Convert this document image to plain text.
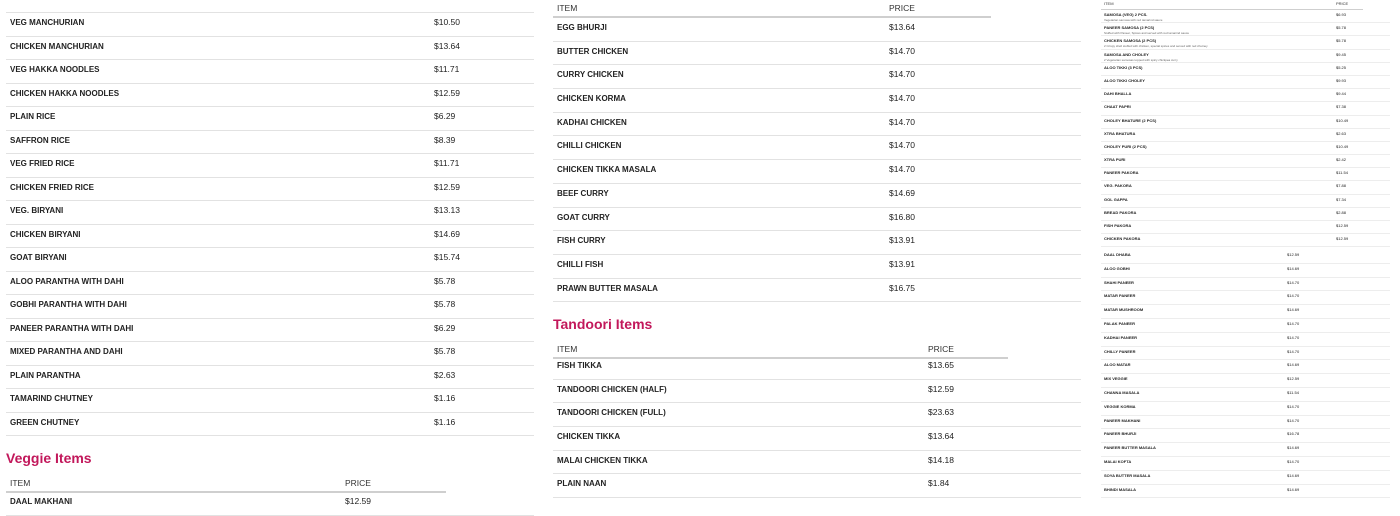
VEG MANCHURIAN	$10.50
CHICKEN MANCHURIAN	$13.64
VEG HAKKA NOODLES	$11.71
CHICKEN HAKKA NOODLES	$12.59
PLAIN RICE	$6.29
SAFFRON RICE	$8.39
VEG FRIED RICE	$11.71
CHICKEN FRIED RICE	$12.59
VEG. BIRYANI	$13.13
CHICKEN BIRYANI	$14.69
GOAT BIRYANI	$15.74
ALOO PARANTHA WITH DAHI	$5.78
GOBHI PARANTHA WITH DAHI	$5.78
PANEER PARANTHA WITH DAHI	$6.29
MIXED PARANTHA AND DAHI	$5.78
PLAIN PARANTHA	$2.63
TAMARIND CHUTNEY	$1.16
GREEN CHUTNEY	$1.16
Veggie Items
ITEM	PRICE
DAAL MAKHANI	$12.59
ITEM	PRICE
EGG BHURJI	$13.64
BUTTER CHICKEN	$14.70
CURRY CHICKEN	$14.70
CHICKEN KORMA	$14.70
KADHAI CHICKEN	$14.70
CHILLI CHICKEN	$14.70
CHICKEN TIKKA MASALA	$14.70
BEEF CURRY	$14.69
GOAT CURRY	$16.80
FISH CURRY	$13.91
CHILLI FISH	$13.91
PRAWN BUTTER MASALA	$16.75
Tandoori Items
ITEM	PRICE
FISH TIKKA	$13.65
TANDOORI CHICKEN (HALF)	$12.59
TANDOORI CHICKEN (FULL)	$23.63
CHICKEN TIKKA	$13.64
MALAI CHICKEN TIKKA	$14.18
PLAIN NAAN	$1.84
ITEM	PRICE
SAMOSA (VEG) 2 PCS.
Vegetarian samosa with red tamarind sauce
$6.93
PANEER SAMOSA (2 PCS)
Stuffed with Paneer, Spices and served with red tamarind sauce
$5.78
CHICKEN SAMOSA (2 PCS)
2 Crispy shell stuffed with chicken, special spices and served with red chutney
$5.78
SAMOSA AND CHOLEY
2 Vegetarian samosas topped with spicy chickpea curry
$9.45
ALOO TIKKI (3 PCS)	$5.25
ALOO TIKKI CHOLEY	$9.93
DAHI BHALLA	$9.44
CHAAT PAPRI	$7.38
CHOLEY BHATURE (2 PCS)	$10.49
XTRA BHATURA	$2.63
CHOLEY PURI (2 PCS)	$10.49
XTRA PURI	$2.42
PANEER PAKORA	$11.54
VEG. PAKORA	$7.88
GOL GAPPA	$7.34
BREAD PAKORA	$2.88
FISH PAKORA	$12.59
CHICKEN PAKORA	$12.59
DAAL DHABA	$12.59
ALOO GOBHI	$14.69
SHAHI PANEER	$14.70
MATAR PANEER	$14.70
MATAR MUSHROOM	$14.69
PALAK PANEER	$14.70
KADHAI PANEER	$14.70
CHILLY PANEER	$14.70
ALOO MATAR	$14.69
MIX VEGGIE	$12.59
CHANNA MASALA	$11.54
VEGGIE KORMA	$14.70
PANEER MAKHANI	$14.70
PANEER BHURJI	$16.78
PANEER BUTTER MASALA	$14.69
MALAI KOFTA	$14.70
SOYA BUTTER MASALA	$14.69
BHINDI MASALA	$14.69
